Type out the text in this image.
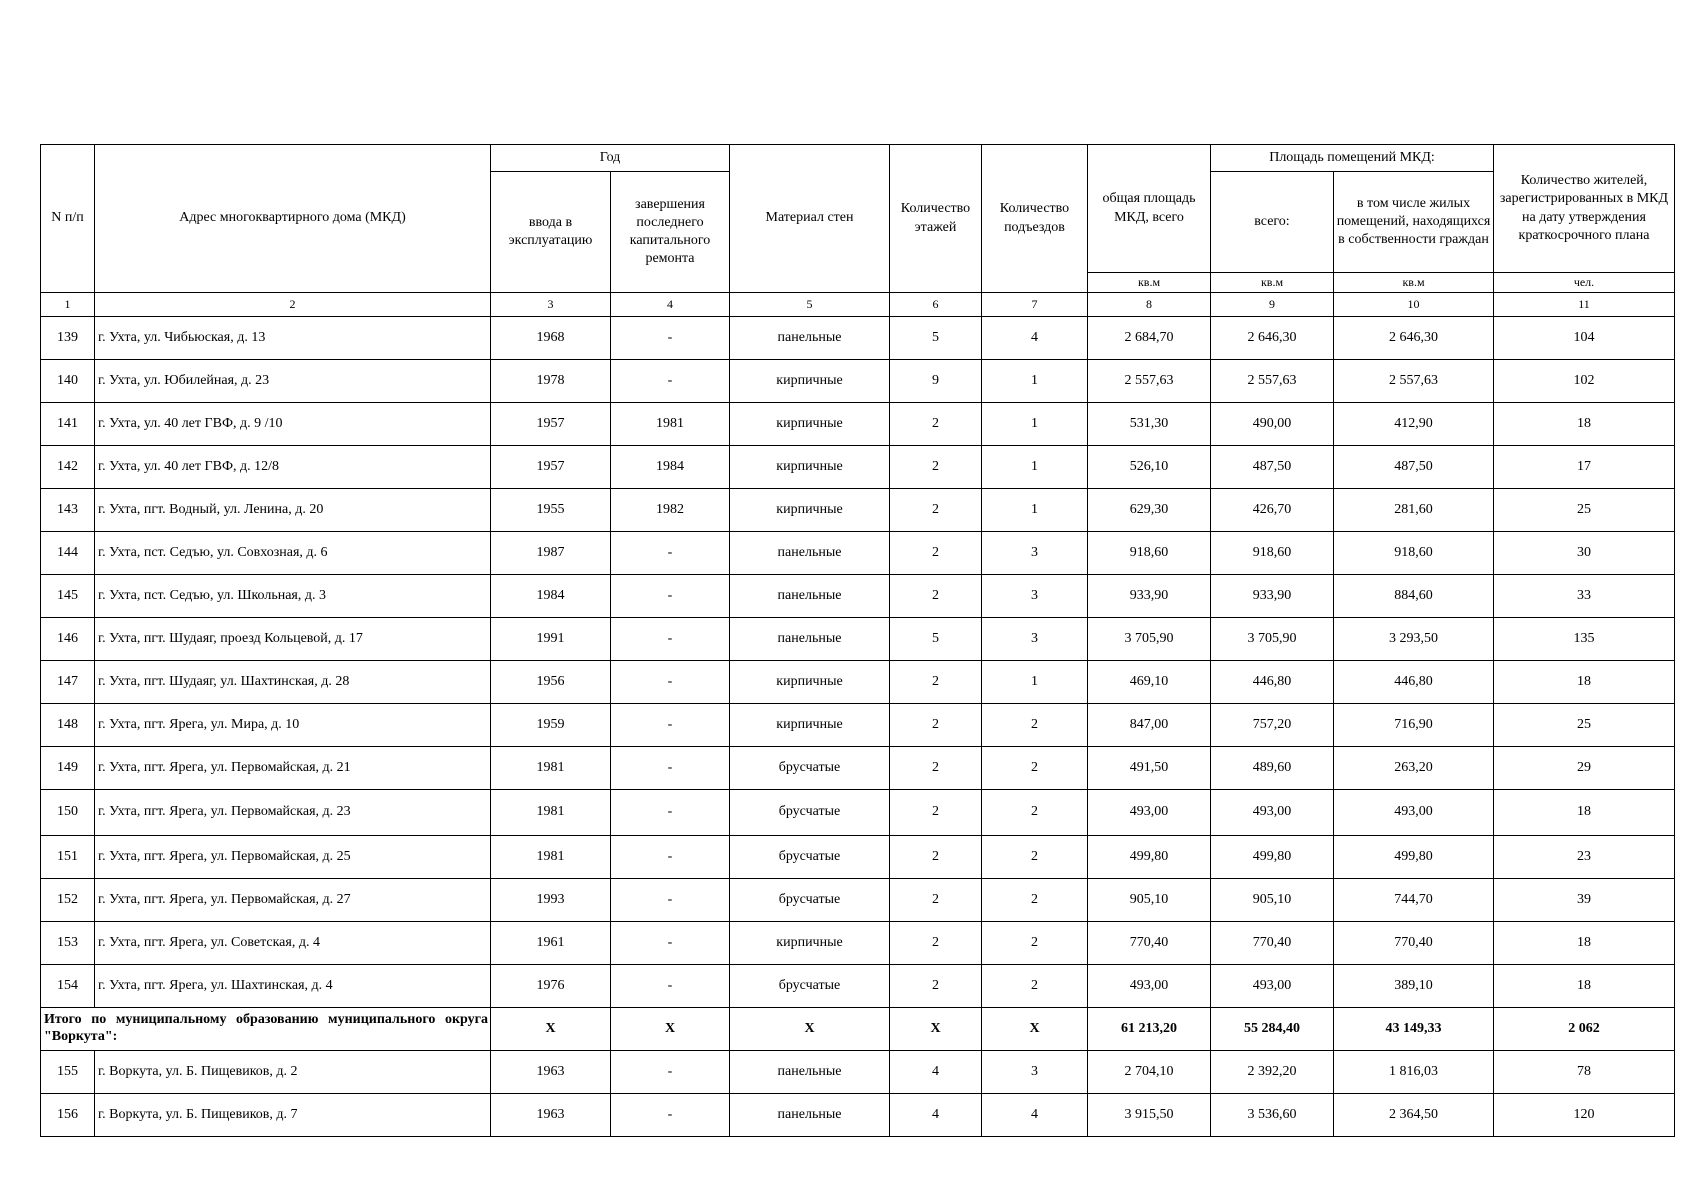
N п/п	Адрес многоквартирного дома (МКД)	Год		Материал стен	Количество этажей	Количество подъездов	общая площадь МКД, всего	Площадь помещений МКД:		Количество жителей, зарегистрированных в МКД на дату утверждения краткосрочного плана
		ввода в эксплуатацию	завершения последнего капитального ремонта					всего:	в том числе жилых помещений, находящихся в собственности граждан	
							кв.м	кв.м	кв.м	чел.
1	2	3	4	5	6	7	8	9	10	11
139	г. Ухта, ул. Чибьюская, д. 13	1968	-	панельные	5	4	2 684,70	2 646,30	2 646,30	104
140	г. Ухта, ул. Юбилейная, д. 23	1978	-	кирпичные	9	1	2 557,63	2 557,63	2 557,63	102
141	г. Ухта, ул. 40 лет ГВФ, д. 9 /10	1957	1981	кирпичные	2	1	531,30	490,00	412,90	18
142	г. Ухта, ул. 40 лет ГВФ, д. 12/8	1957	1984	кирпичные	2	1	526,10	487,50	487,50	17
143	г. Ухта, пгт. Водный, ул. Ленина, д. 20	1955	1982	кирпичные	2	1	629,30	426,70	281,60	25
144	г. Ухта, пст. Седъю, ул. Совхозная, д. 6	1987	-	панельные	2	3	918,60	918,60	918,60	30
145	г. Ухта, пст. Седъю, ул. Школьная, д. 3	1984	-	панельные	2	3	933,90	933,90	884,60	33
146	г. Ухта, пгт. Шудаяг, проезд Кольцевой, д. 17	1991	-	панельные	5	3	3 705,90	3 705,90	3 293,50	135
147	г. Ухта, пгт. Шудаяг, ул. Шахтинская, д. 28	1956	-	кирпичные	2	1	469,10	446,80	446,80	18
148	г. Ухта, пгт. Ярега, ул. Мира, д. 10	1959	-	кирпичные	2	2	847,00	757,20	716,90	25
149	г. Ухта, пгт. Ярега, ул. Первомайская, д. 21	1981	-	брусчатые	2	2	491,50	489,60	263,20	29
150	г. Ухта, пгт. Ярега, ул. Первомайская, д. 23	1981	-	брусчатые	2	2	493,00	493,00	493,00	18
151	г. Ухта, пгт. Ярега, ул. Первомайская, д. 25	1981	-	брусчатые	2	2	499,80	499,80	499,80	23
152	г. Ухта, пгт. Ярега, ул. Первомайская, д. 27	1993	-	брусчатые	2	2	905,10	905,10	744,70	39
153	г. Ухта, пгт. Ярега, ул. Советская, д. 4	1961	-	кирпичные	2	2	770,40	770,40	770,40	18
154	г. Ухта, пгт. Ярега, ул. Шахтинская, д. 4	1976	-	брусчатые	2	2	493,00	493,00	389,10	18
Итого по муниципальному образованию муниципального округа "Воркута":		X	X	X	X	X	61 213,20	55 284,40	43 149,33	2 062
155	г. Воркута, ул. Б. Пищевиков, д. 2	1963	-	панельные	4	3	2 704,10	2 392,20	1 816,03	78
156	г. Воркута, ул. Б. Пищевиков, д. 7	1963	-	панельные	4	4	3 915,50	3 536,60	2 364,50	120
